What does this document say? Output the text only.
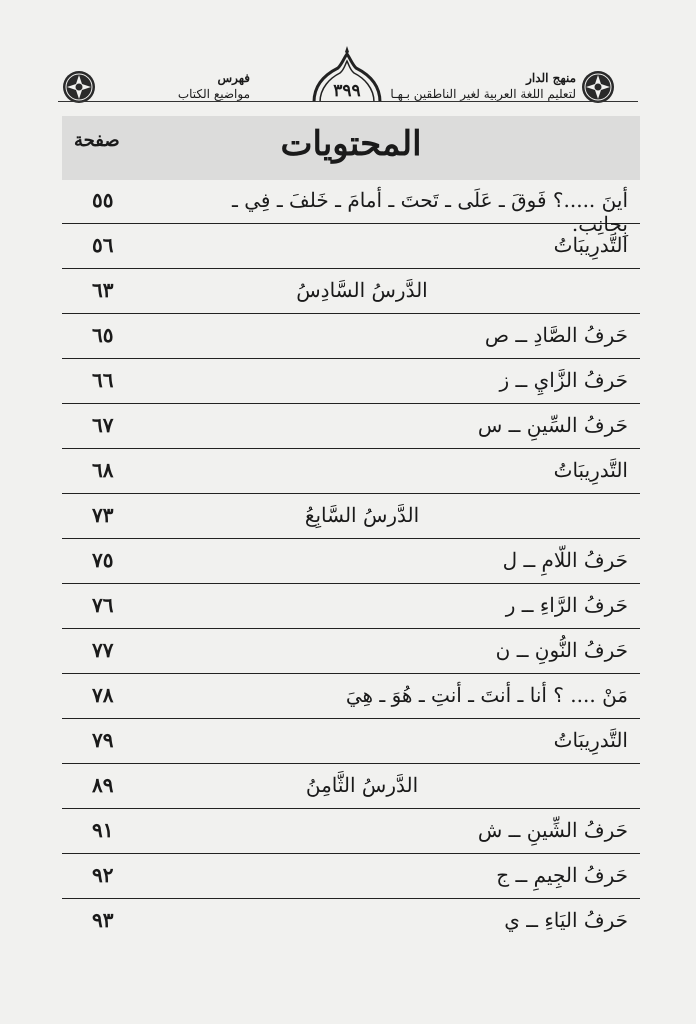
فهرس
مواضيع الكتاب
منهج الدار
لتعليم اللغة العربية لغير الناطقين بـهـا
٣٩٩
المحتويات
صفحة
أينَ .....؟ فَوقَ ـ عَلَى ـ تَحتَ ـ أمامَ ـ خَلفَ ـ فِي ـ بِجانِب.
٥٥
التَّدرِيبَاتُ
٥٦
الدَّرسُ السَّادِسُ
٦٣
حَرفُ الصَّادِ ــ ص
٦٥
حَرفُ الزَّايِ ــ ز
٦٦
حَرفُ السِّينِ ــ س
٦٧
التَّدرِيبَاتُ
٦٨
الدَّرسُ السَّابِعُ
٧٣
حَرفُ اللّامِ ــ ل
٧٥
حَرفُ الرَّاءِ ــ ر
٧٦
حَرفُ النُّونِ ــ ن
٧٧
مَنْ .... ؟ أنا ـ أنتَ ـ أنتِ ـ هُوَ ـ هِيَ
٧٨
التَّدرِيبَاتُ
٧٩
الدَّرسُ الثَّامِنُ
٨٩
حَرفُ الشِّينِ ــ ش
٩١
حَرفُ الجِيمِ ــ ج
٩٢
حَرفُ اليَاءِ ــ ي
٩٣
